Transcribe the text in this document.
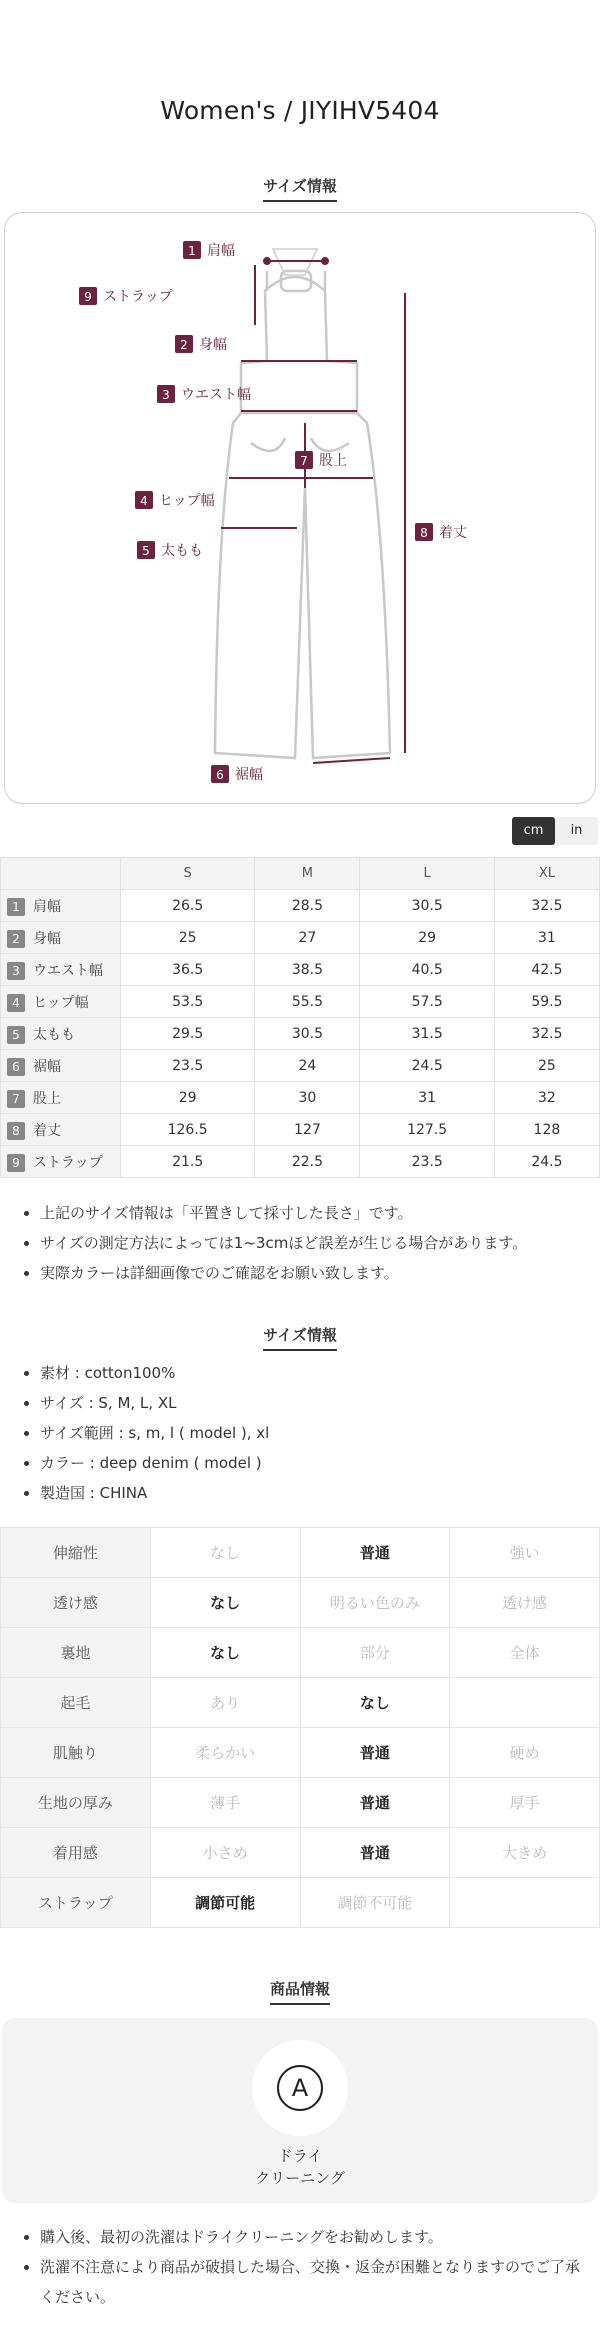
Women's / JIYIHV5404
サイズ情報
1 肩幅
2 身幅
3 ウエスト幅
4 ヒップ幅
5 太もも
6 裾幅
7 股上
8 着丈
9 ストラップ
cm	in
	S	M	L	XL
1 肩幅	26.5	28.5	30.5	32.5
2 身幅	25	27	29	31
3 ウエスト幅	36.5	38.5	40.5	42.5
4 ヒップ幅	53.5	55.5	57.5	59.5
5 太もも	29.5	30.5	31.5	32.5
6 裾幅	23.5	24	24.5	25
7 股上	29	30	31	32
8 着丈	126.5	127	127.5	128
9 ストラップ	21.5	22.5	23.5	24.5
• 上記のサイズ情報は「平置きして採寸した長さ」です。
• サイズの測定方法によっては1~3cmほど誤差が生じる場合があります。
• 実際カラーは詳細画像でのご確認をお願い致します。
サイズ情報
• 素材 : cotton100%
• サイズ : S, M, L, XL
• サイズ範囲 : s, m, l ( model ), xl
• カラー : deep denim ( model )
• 製造国 : CHINA
伸縮性	なし	普通	強い
透け感	なし	明るい色のみ	透け感
裏地	なし	部分	全体
起毛	あり	なし	
肌触り	柔らかい	普通	硬め
生地の厚み	薄手	普通	厚手
着用感	小さめ	普通	大きめ
ストラップ	調節可能	調節不可能	
商品情報
A
ドライ
クリーニング
• 購入後、最初の洗濯はドライクリーニングをお勧めします。
• 洗濯不注意により商品が破損した場合、交換・返金が困難となりますのでご了承ください。
